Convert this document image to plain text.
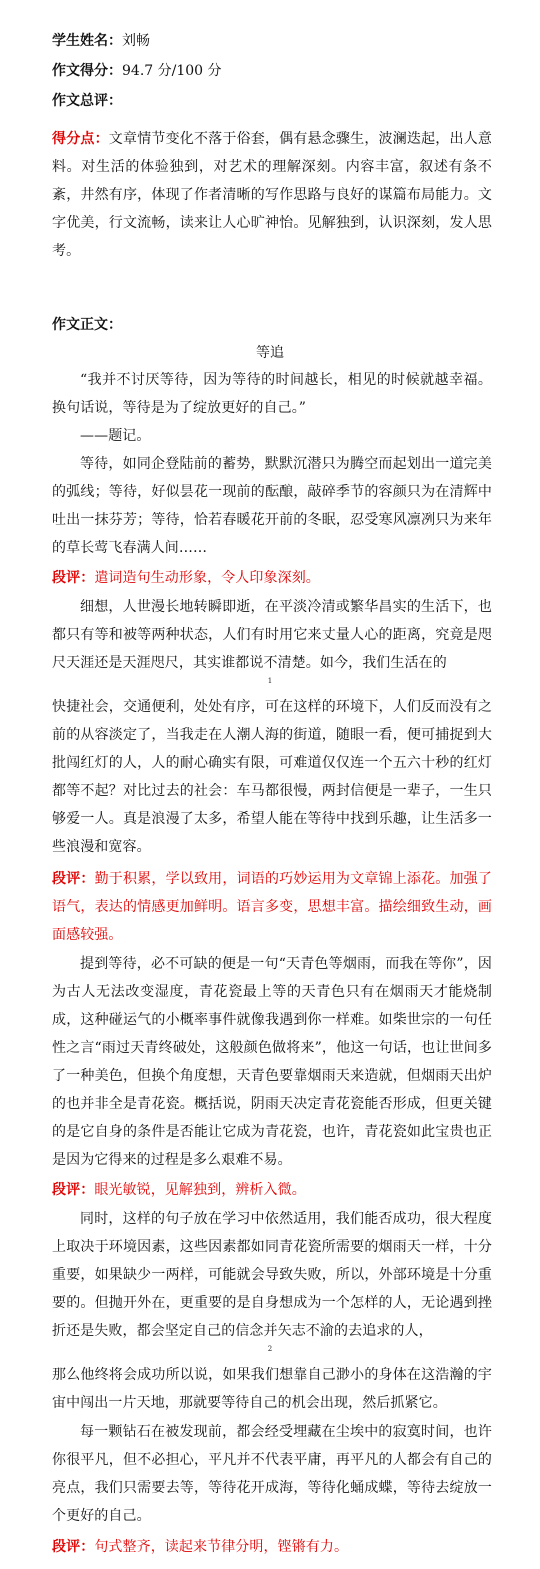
学生姓名：刘畅
作文得分：94.7 分/100 分
作文总评：
得分点：文章情节变化不落于俗套，偶有悬念骤生，波澜迭起，出人意料。对生活的体验独到，对艺术的理解深刻。内容丰富，叙述有条不紊，井然有序，体现了作者清晰的写作思路与良好的谋篇布局能力。文字优美，行文流畅，读来让人心旷神怡。见解独到，认识深刻，发人思考。
作文正文：
等追
“我并不讨厌等待，因为等待的时间越长，相见的时候就越幸福。换句话说，等待是为了绽放更好的自己。”
——题记。
等待，如同企登陆前的蓄势，默默沉潜只为腾空而起划出一道完美的弧线；等待，好似昙花一现前的酝酿，敲碎季节的容颜只为在清辉中吐出一抹芬芳；等待，恰若春暖花开前的冬眠，忍受寒风凛冽只为来年的草长莺飞春满人间……
段评：遣词造句生动形象，令人印象深刻。
细想，人世漫长地转瞬即逝，在平淡冷清或繁华昌实的生活下，也都只有等和被等两种状态，人们有时用它来丈量人心的距离，究竟是咫尺天涯还是天涯咫尺，其实谁都说不清楚。如今，我们生活在的
1
快捷社会，交通便利，处处有序，可在这样的环境下，人们反而没有之前的从容淡定了，当我走在人潮人海的街道，随眼一看，便可捕捉到大批闯红灯的人，人的耐心确实有限，可难道仅仅连一个五六十秒的红灯都等不起？对比过去的社会：车马都很慢，两封信便是一辈子，一生只够爱一人。真是浪漫了太多，希望人能在等待中找到乐趣，让生活多一些浪漫和宽容。
段评：勤于积累，学以致用，词语的巧妙运用为文章锦上添花。加强了语气，表达的情感更加鲜明。语言多变，思想丰富。描绘细致生动，画面感较强。
提到等待，必不可缺的便是一句“天青色等烟雨，而我在等你”，因为古人无法改变湿度，青花瓷最上等的天青色只有在烟雨天才能烧制成，这种碰运气的小概率事件就像我遇到你一样难。如柴世宗的一句任性之言“雨过天青终破处，这般颜色做将来”，他这一句话，也让世间多了一种美色，但换个角度想，天青色要靠烟雨天来造就，但烟雨天出炉的也并非全是青花瓷。概括说，阴雨天决定青花瓷能否形成，但更关键的是它自身的条件是否能让它成为青花瓷，也许，青花瓷如此宝贵也正是因为它得来的过程是多么艰难不易。
段评：眼光敏锐，见解独到，辨析入微。
同时，这样的句子放在学习中依然适用，我们能否成功，很大程度上取决于环境因素，这些因素都如同青花瓷所需要的烟雨天一样，十分重要，如果缺少一两样，可能就会导致失败，所以，外部环境是十分重要的。但抛开外在，更重要的是自身想成为一个怎样的人，无论遇到挫折还是失败，都会坚定自己的信念并矢志不渝的去追求的人，
2
那么他终将会成功所以说，如果我们想靠自己渺小的身体在这浩瀚的宇宙中闯出一片天地，那就要等待自己的机会出现，然后抓紧它。
每一颗钻石在被发现前，都会经受埋藏在尘埃中的寂寞时间，也许你很平凡，但不必担心，平凡并不代表平庸，再平凡的人都会有自己的亮点，我们只需要去等，等待花开成海，等待化蛹成蝶，等待去绽放一个更好的自己。
段评：句式整齐，读起来节律分明，铿锵有力。
